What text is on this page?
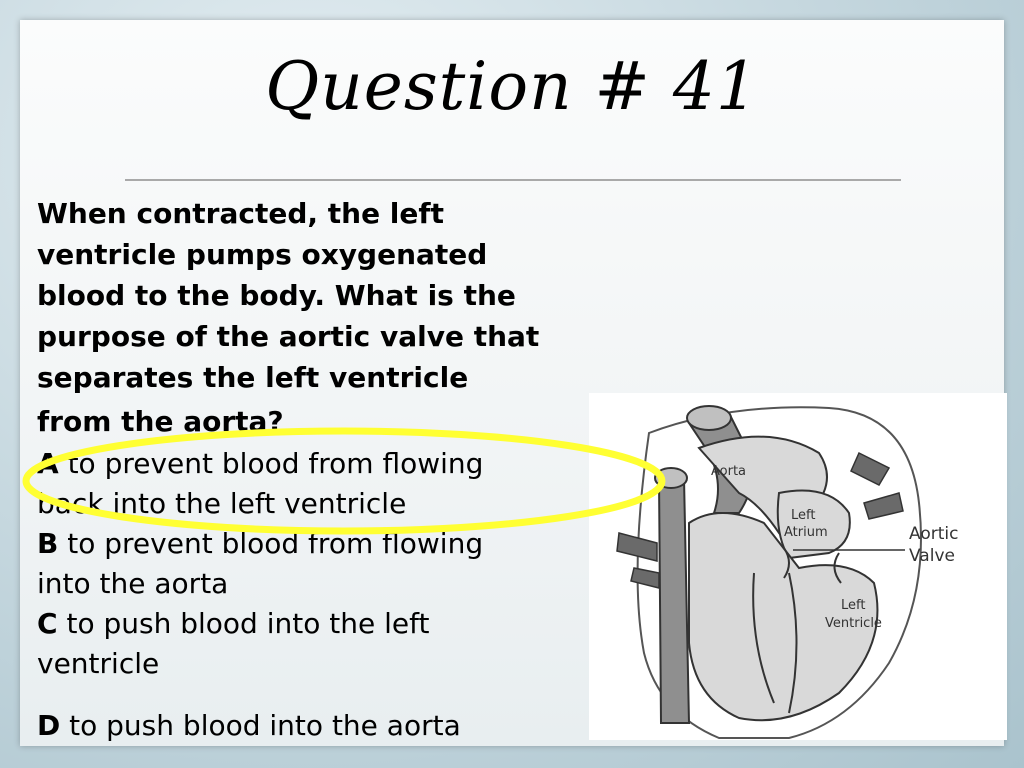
Question # 41
When contracted, the left
ventricle pumps oxygenated
blood to the body. What is the
purpose of the aortic valve that
separates the left ventricle
from the aorta?
A to prevent blood from flowing
back into the left ventricle
B to prevent blood from flowing
into the aorta
C to push blood into the left
ventricle
D to push blood into the aorta
Aorta
Left
Atrium	Aortic
Valve
Left
Ventricle
